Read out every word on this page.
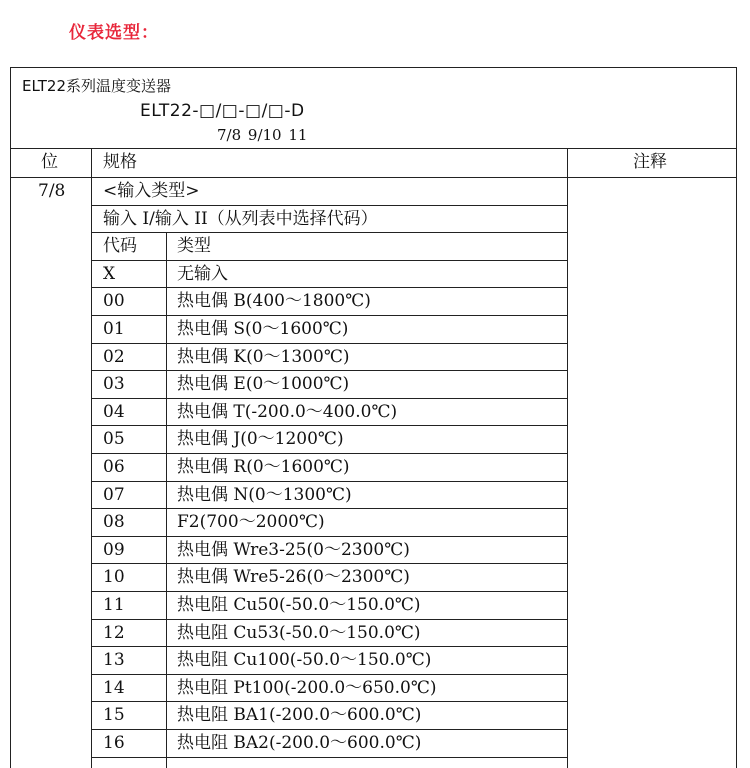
仪表选型：
ELT22系列温度变送器
ELT22-□/□-□/□-D
7/8 9/10 11
位	规格	注释
7/8 <输入类型>
输入 I/输入 II（从列表中选择代码）
代码 类型
X	无输入
00	热电偶 B(400～1800℃)
01	热电偶 S(0～1600℃)
02	热电偶 K(0～1300℃)
03	热电偶 E(0～1000℃)
04	热电偶 T(-200.0～400.0℃)
05	热电偶 J(0～1200℃)
06	热电偶 R(0～1600℃)
07	热电偶 N(0～1300℃)
08	F2(700～2000℃)
09	热电偶 Wre3-25(0～2300℃)
10	热电偶 Wre5-26(0～2300℃)
11	热电阻 Cu50(-50.0～150.0℃)
12	热电阻 Cu53(-50.0～150.0℃)
13	热电阻 Cu100(-50.0～150.0℃)
14	热电阻 Pt100(-200.0～650.0℃)
15	热电阻 BA1(-200.0～600.0℃)
16	热电阻 BA2(-200.0～600.0℃)
